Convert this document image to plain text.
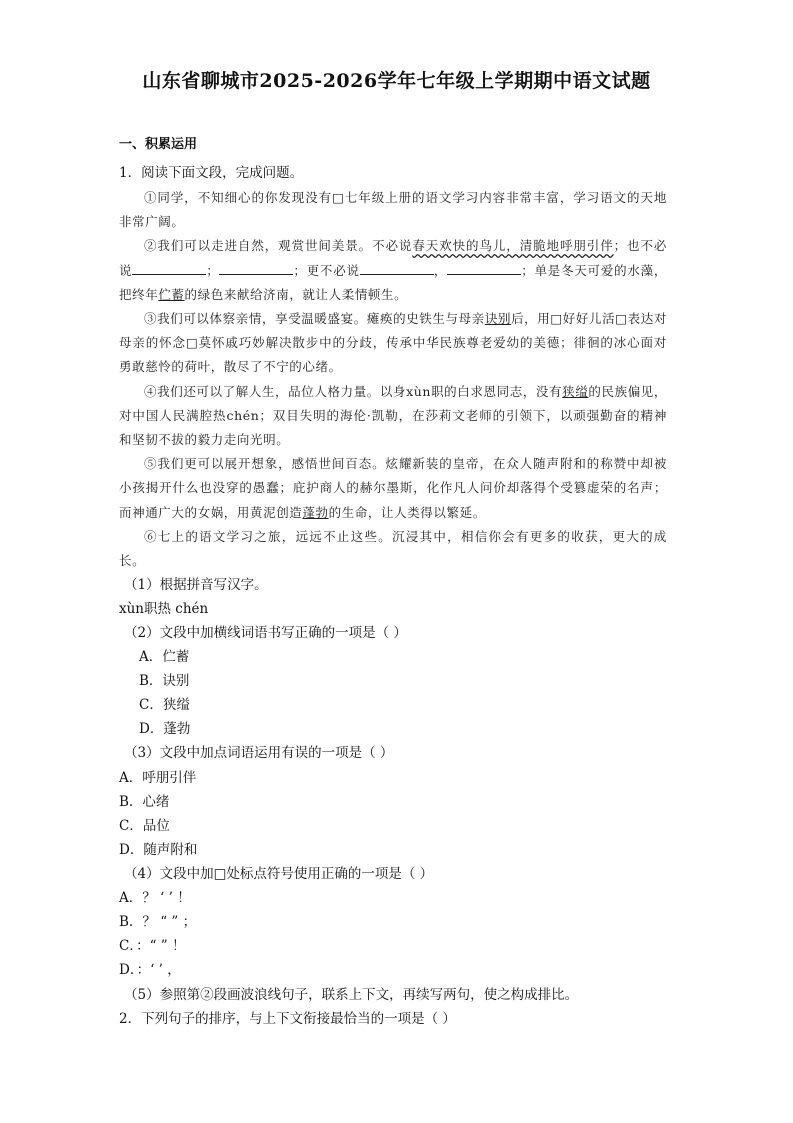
山东省聊城市2025-2026学年七年级上学期期中语文试题
一、积累运用
1．阅读下面文段，完成问题。

①同学，不知细心的你发现没有□七年级上册的语文学习内容非常丰富，学习语文的天地非常广阔。

②我们可以走进自然，观赏世间美景。不必说春天欢快的鸟儿，清脆地呼朋引伴；也不必说	；	；更不必说	，	；单是冬天可爱的水藻，把终年伫蓄的绿色来献给济南，就让人柔情顿生。

③我们可以体察亲情，享受温暖盛宴。瘫痪的史铁生与母亲诀别后，用□好好儿活□表达对母亲的怀念□莫怀戚巧妙解决散步中的分歧，传承中华民族尊老爱幼的美德；徘徊的冰心面对勇敢慈怜的荷叶，散尽了不宁的心绪。

④我们还可以了解人生，品位人格力量。以身xùn职的白求恩同志，没有狭缢的民族偏见，对中国人民满腔热chén；双目失明的海伦·凯勒，在莎莉文老师的引领下，以顽强勤奋的精神和坚韧不拔的毅力走向光明。

⑤我们更可以展开想象，感悟世间百态。炫耀新装的皇帝，在众人随声附和的称赞中却被小孩揭开什么也没穿的愚蠢；庇护商人的赫尔墨斯，化作凡人问价却落得个受篡虚荣的名声；而神通广大的女娲，用黄泥创造蓬勃的生命，让人类得以繁延。

⑥七上的语文学习之旅，远远不止这些。沉浸其中，相信你会有更多的收获，更大的成长。

（1）根据拼音写汉字。
xùn职热 chén
（2）文段中加横线词语书写正确的一项是（ ）
A．伫蓄
B．诀别
C．狭缢
D．蓬勃
（3）文段中加点词语运用有误的一项是（ ）
A．呼朋引伴
B．心绪
C．品位
D．随声附和
（4）文段中加□处标点符号使用正确的一项是（ ）
A．？ ‘ ’ ！
B．？ “ ” ；
C．：“ ” ！
D．：‘ ’ ，
（5）参照第②段画波浪线句子，联系上下文，再续写两句，使之构成排比。
2．下列句子的排序，与上下文衔接最恰当的一项是（ ）
